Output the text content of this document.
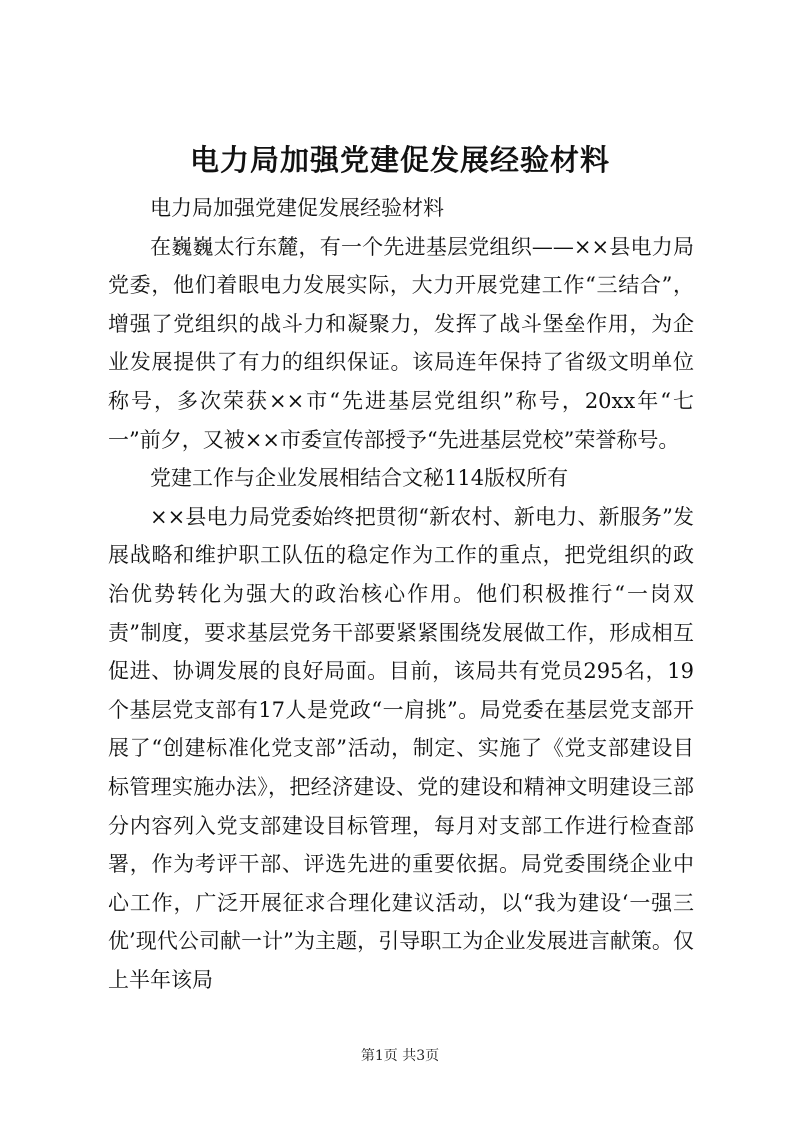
电力局加强党建促发展经验材料

电力局加强党建促发展经验材料

在巍巍太行东麓，有一个先进基层党组织——××县电力局党委，他们着眼电力发展实际，大力开展党建工作“三结合”，增强了党组织的战斗力和凝聚力，发挥了战斗堡垒作用，为企业发展提供了有力的组织保证。该局连年保持了省级文明单位称号，多次荣获××市“先进基层党组织”称号，20xx年“七一”前夕，又被××市委宣传部授予“先进基层党校”荣誉称号。

党建工作与企业发展相结合文秘114版权所有

××县电力局党委始终把贯彻“新农村、新电力、新服务”发展战略和维护职工队伍的稳定作为工作的重点，把党组织的政治优势转化为强大的政治核心作用。他们积极推行“一岗双责”制度，要求基层党务干部要紧紧围绕发展做工作，形成相互促进、协调发展的良好局面。目前，该局共有党员295名，19个基层党支部有17人是党政“一肩挑”。局党委在基层党支部开展了“创建标准化党支部”活动，制定、实施了《党支部建设目标管理实施办法》，把经济建设、党的建设和精神文明建设三部分内容列入党支部建设目标管理，每月对支部工作进行检查部署，作为考评干部、评选先进的重要依据。局党委围绕企业中心工作，广泛开展征求合理化建议活动，以“我为建设‘一强三优’现代公司献一计”为主题，引导职工为企业发展进言献策。仅上半年该局

第1页 共3页
